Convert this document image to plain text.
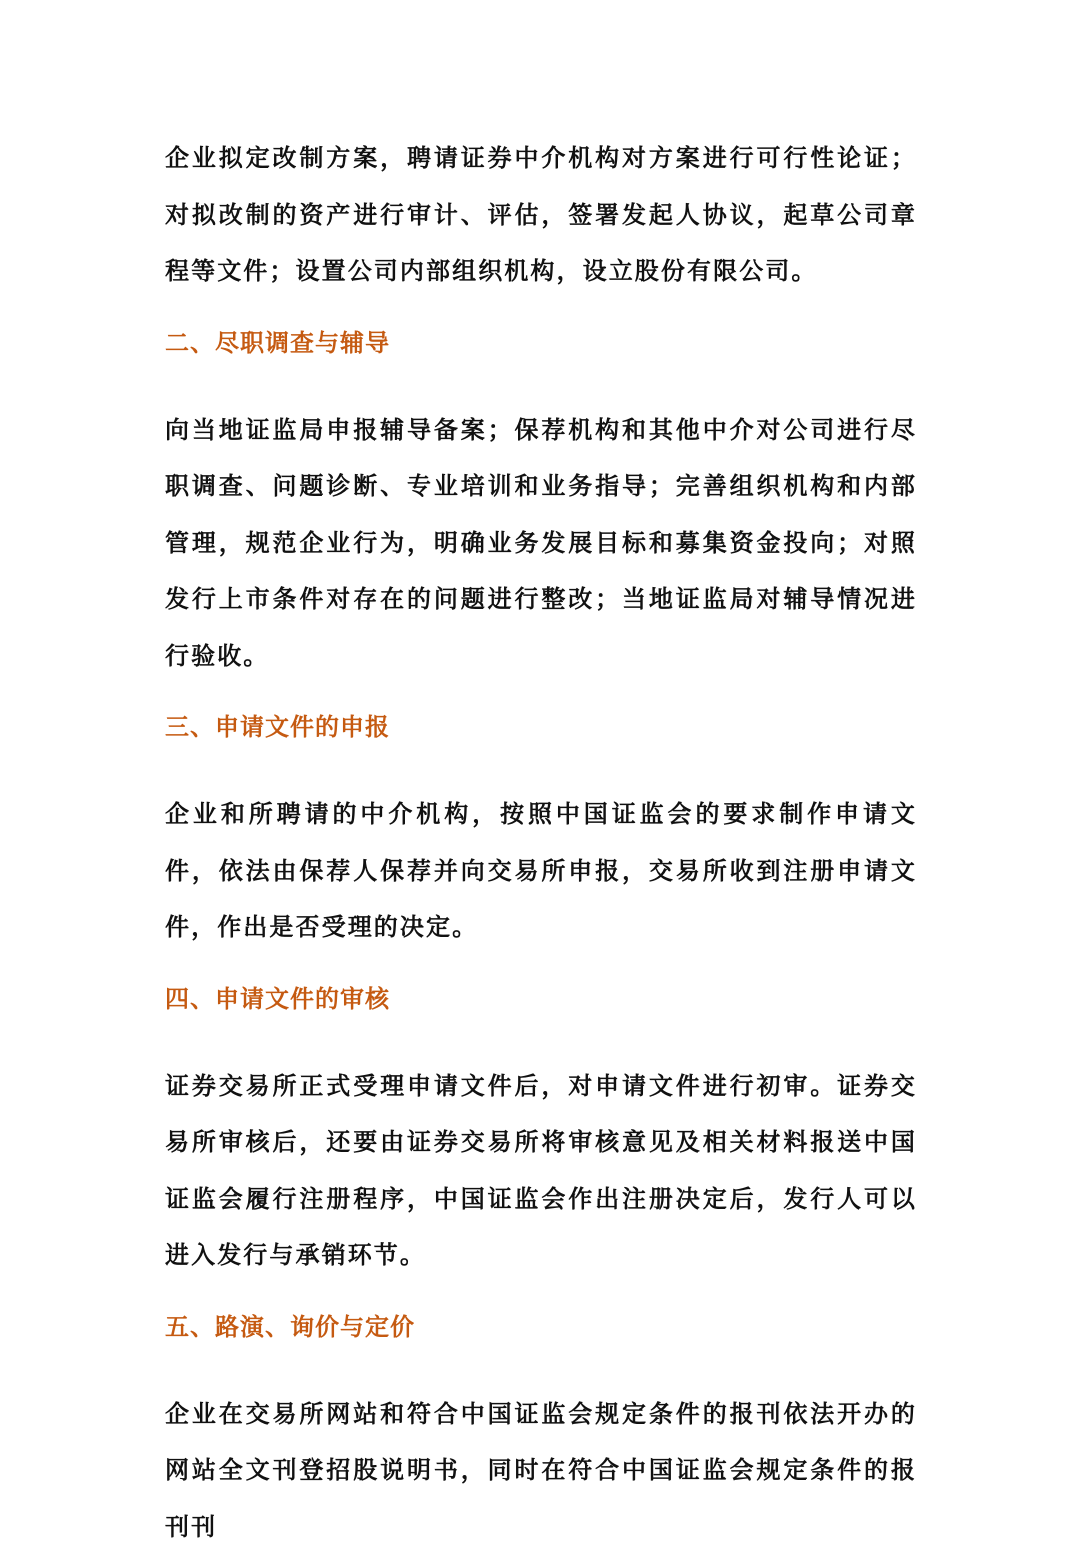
企业拟定改制方案，聘请证券中介机构对方案进行可行性论证；对拟改制的资产进行审计、评估，签署发起人协议，起草公司章程等文件；设置公司内部组织机构，设立股份有限公司。

二、尽职调查与辅导

向当地证监局申报辅导备案；保荐机构和其他中介对公司进行尽职调查、问题诊断、专业培训和业务指导；完善组织机构和内部管理，规范企业行为，明确业务发展目标和募集资金投向；对照发行上市条件对存在的问题进行整改；当地证监局对辅导情况进行验收。

三、申请文件的申报

企业和所聘请的中介机构，按照中国证监会的要求制作申请文件，依法由保荐人保荐并向交易所申报，交易所收到注册申请文件，作出是否受理的决定。

四、申请文件的审核

证券交易所正式受理申请文件后，对申请文件进行初审。证券交易所审核后，还要由证券交易所将审核意见及相关材料报送中国证监会履行注册程序，中国证监会作出注册决定后，发行人可以进入发行与承销环节。

五、路演、询价与定价

企业在交易所网站和符合中国证监会规定条件的报刊依法开办的网站全文刊登招股说明书，同时在符合中国证监会规定条件的报刊刊
